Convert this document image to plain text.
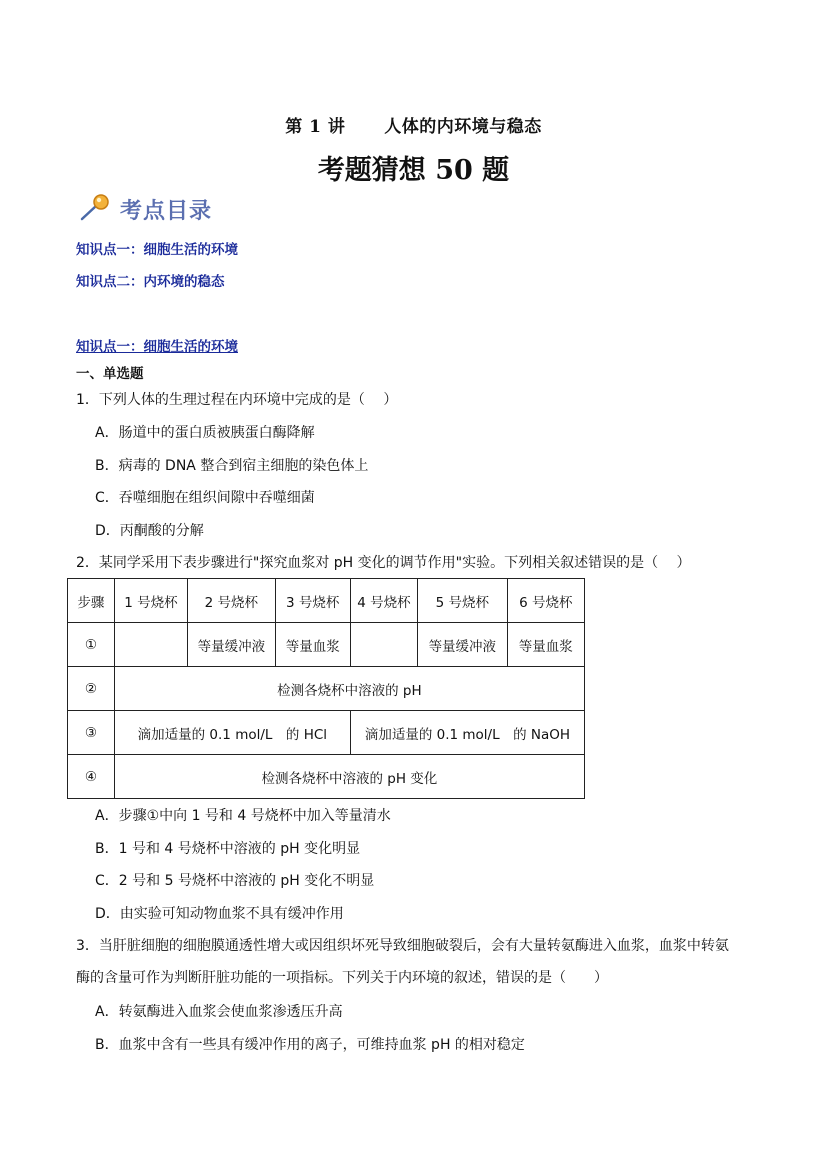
第 1 讲 人体的内环境与稳态
考题猜想 50 题
考点目录
知识点一：细胞生活的环境
知识点二：内环境的稳态
知识点一：细胞生活的环境
一、单选题
1．下列人体的生理过程在内环境中完成的是（　 ）
A．肠道中的蛋白质被胰蛋白酶降解
B．病毒的 DNA 整合到宿主细胞的染色体上
C．吞噬细胞在组织间隙中吞噬细菌
D．丙酮酸的分解
2．某同学采用下表步骤进行"探究血浆对 pH 变化的调节作用"实验。下列相关叙述错误的是（　 ）
步骤	1 号烧杯	2 号烧杯	3 号烧杯	4 号烧杯	5 号烧杯	6 号烧杯
①		等量缓冲液	等量血浆		等量缓冲液	等量血浆
②	检测各烧杯中溶液的 pH					
③	滴加适量的 0.1 mol/L　的 HCl			滴加适量的 0.1 mol/L　的 NaOH		
④	检测各烧杯中溶液的 pH 变化					
A．步骤①中向 1 号和 4 号烧杯中加入等量清水
B．1 号和 4 号烧杯中溶液的 pH 变化明显
C．2 号和 5 号烧杯中溶液的 pH 变化不明显
D．由实验可知动物血浆不具有缓冲作用
3．当肝脏细胞的细胞膜通透性增大或因组织坏死导致细胞破裂后，会有大量转氨酶进入血浆，血浆中转氨
酶的含量可作为判断肝脏功能的一项指标。下列关于内环境的叙述，错误的是（　　）
A．转氨酶进入血浆会使血浆渗透压升高
B．血浆中含有一些具有缓冲作用的离子，可维持血浆 pH 的相对稳定
